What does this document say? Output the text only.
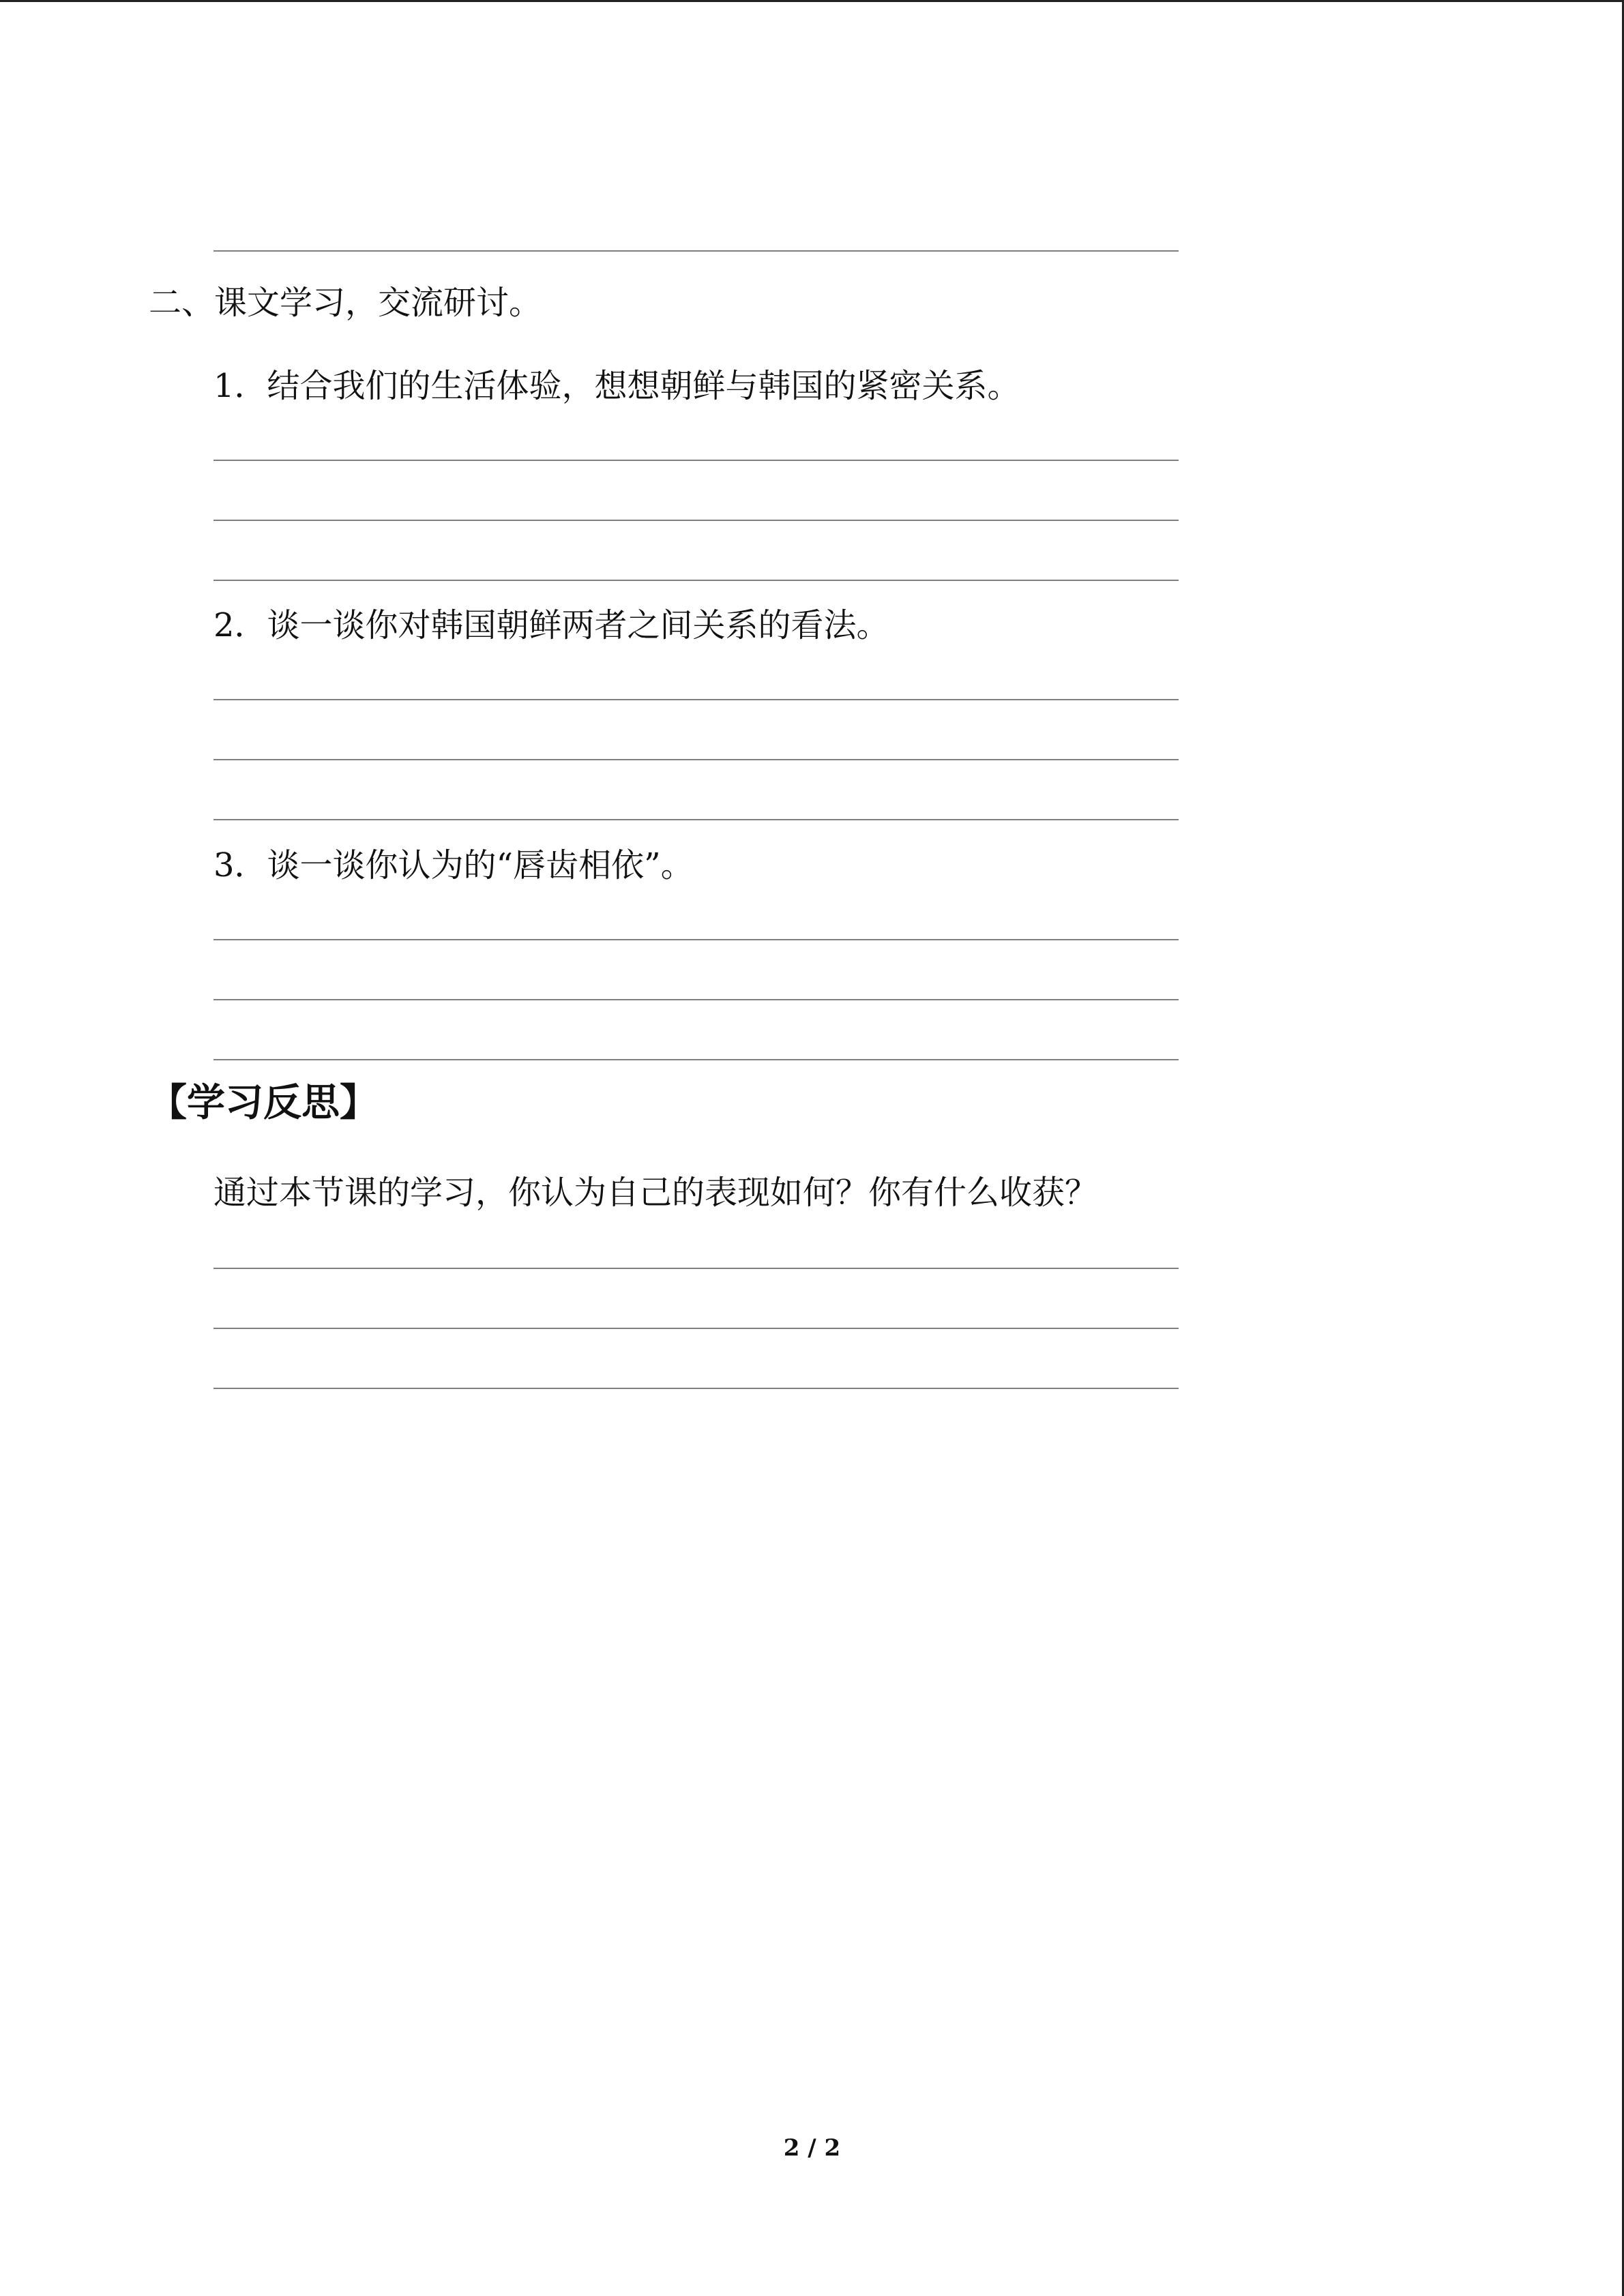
二、课文学习，交流研讨。
1．结合我们的生活体验，想想朝鲜与韩国的紧密关系。
2．谈一谈你对韩国朝鲜两者之间关系的看法。
3．谈一谈你认为的“唇齿相依”。
【学习反思】
通过本节课的学习，你认为自己的表现如何？你有什么收获？
2 / 2
